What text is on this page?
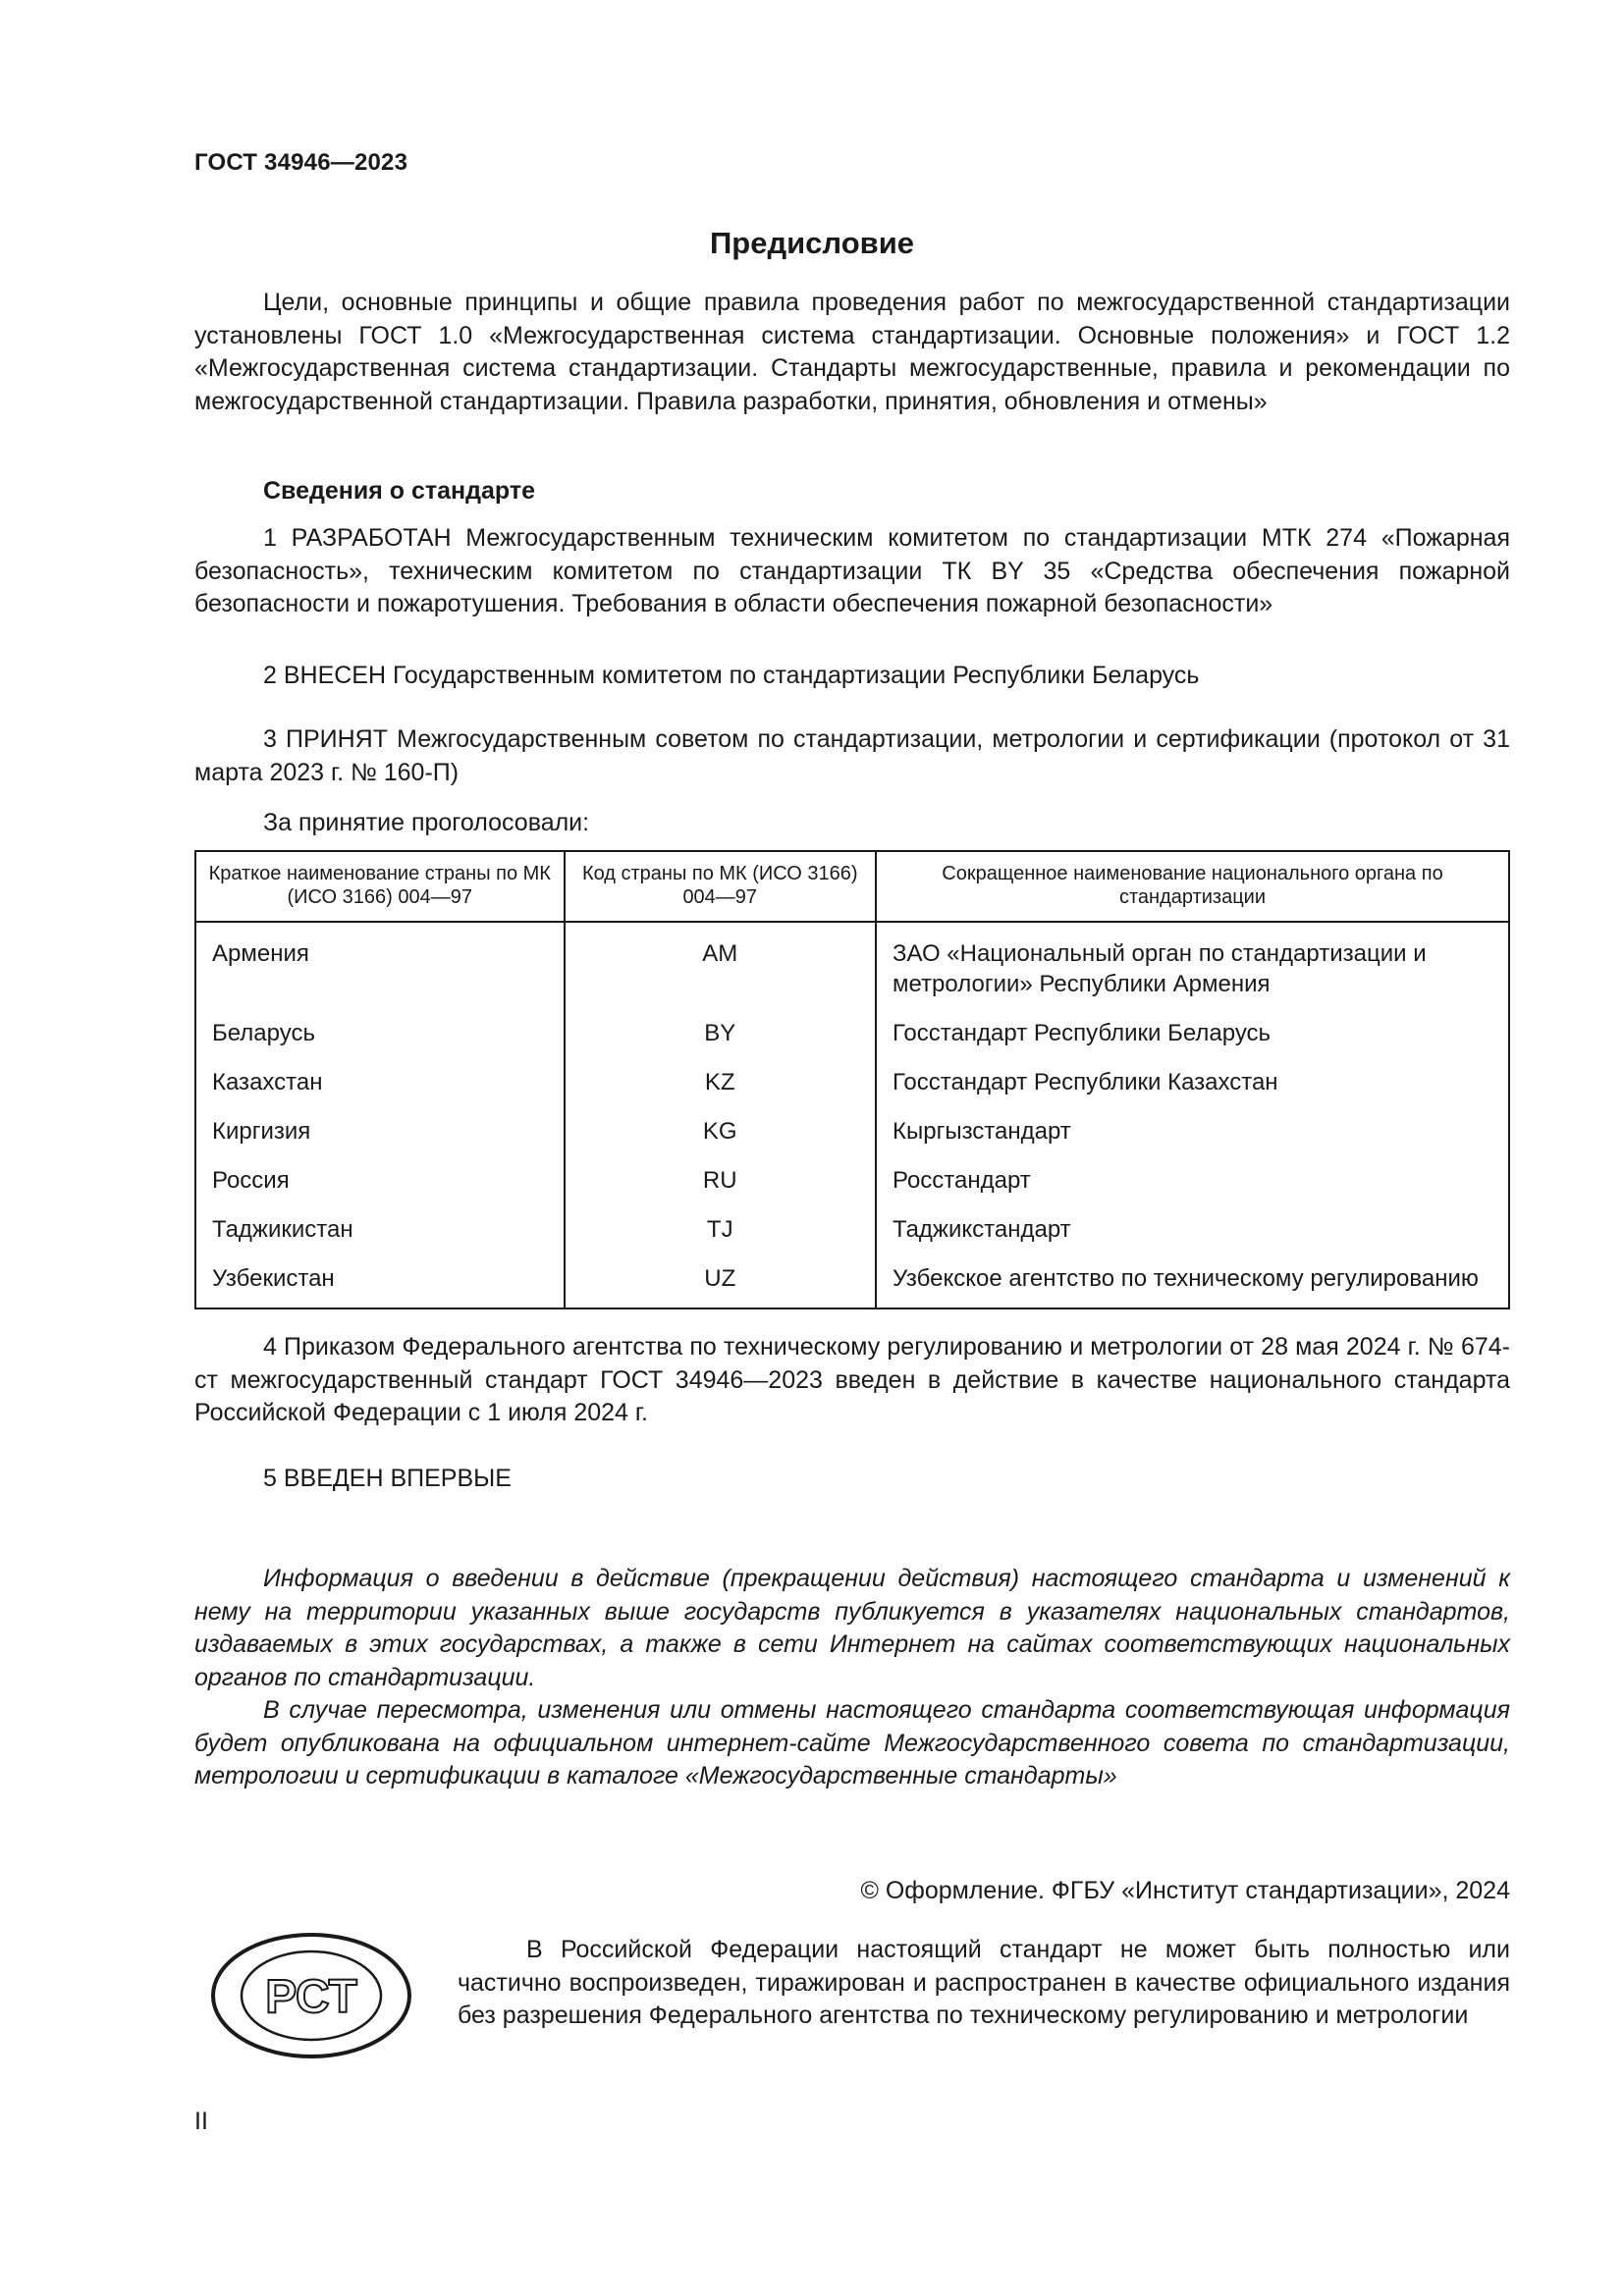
ГОСТ 34946—2023
Предисловие

Цели, основные принципы и общие правила проведения работ по межгосударственной стандартизации установлены ГОСТ 1.0 «Межгосударственная система стандартизации. Основные положения» и ГОСТ 1.2 «Межгосударственная система стандартизации. Стандарты межгосударственные, правила и рекомендации по межгосударственной стандартизации. Правила разработки, принятия, обновления и отмены»

Сведения о стандарте

1 РАЗРАБОТАН Межгосударственным техническим комитетом по стандартизации МТК 274 «Пожарная безопасность», техническим комитетом по стандартизации ТК BY 35 «Средства обеспечения пожарной безопасности и пожаротушения. Требования в области обеспечения пожарной безопасности»

2 ВНЕСЕН Государственным комитетом по стандартизации Республики Беларусь

3 ПРИНЯТ Межгосударственным советом по стандартизации, метрологии и сертификации (протокол от 31 марта 2023 г. № 160-П)

За принятие проголосовали:

Краткое наименование страны по МК (ИСО 3166) 004—97	Код страны по МК (ИСО 3166) 004—97	Сокращенное наименование национального органа по стандартизации
Армения	AM	ЗАО «Национальный орган по стандартизации и метрологии» Республики Армения
Беларусь	BY	Госстандарт Республики Беларусь
Казахстан	KZ	Госстандарт Республики Казахстан
Киргизия	KG	Кыргызстандарт
Россия	RU	Росстандарт
Таджикистан	TJ	Таджикстандарт
Узбекистан	UZ	Узбекское агентство по техническому регулированию

4 Приказом Федерального агентства по техническому регулированию и метрологии от 28 мая 2024 г. № 674-ст межгосударственный стандарт ГОСТ 34946—2023 введен в действие в качестве национального стандарта Российской Федерации с 1 июля 2024 г.

5 ВВЕДЕН ВПЕРВЫЕ

Информация о введении в действие (прекращении действия) настоящего стандарта и изменений к нему на территории указанных выше государств публикуется в указателях национальных стандартов, издаваемых в этих государствах, а также в сети Интернет на сайтах соответствующих национальных органов по стандартизации.

В случае пересмотра, изменения или отмены настоящего стандарта соответствующая информация будет опубликована на официальном интернет-сайте Межгосударственного совета по стандартизации, метрологии и сертификации в каталоге «Межгосударственные стандарты»

© Оформление. ФГБУ «Институт стандартизации», 2024
РСТ

В Российской Федерации настоящий стандарт не может быть полностью или частично воспроизведен, тиражирован и распространен в качестве официального издания без разрешения Федерального агентства по техническому регулированию и метрологии

II
